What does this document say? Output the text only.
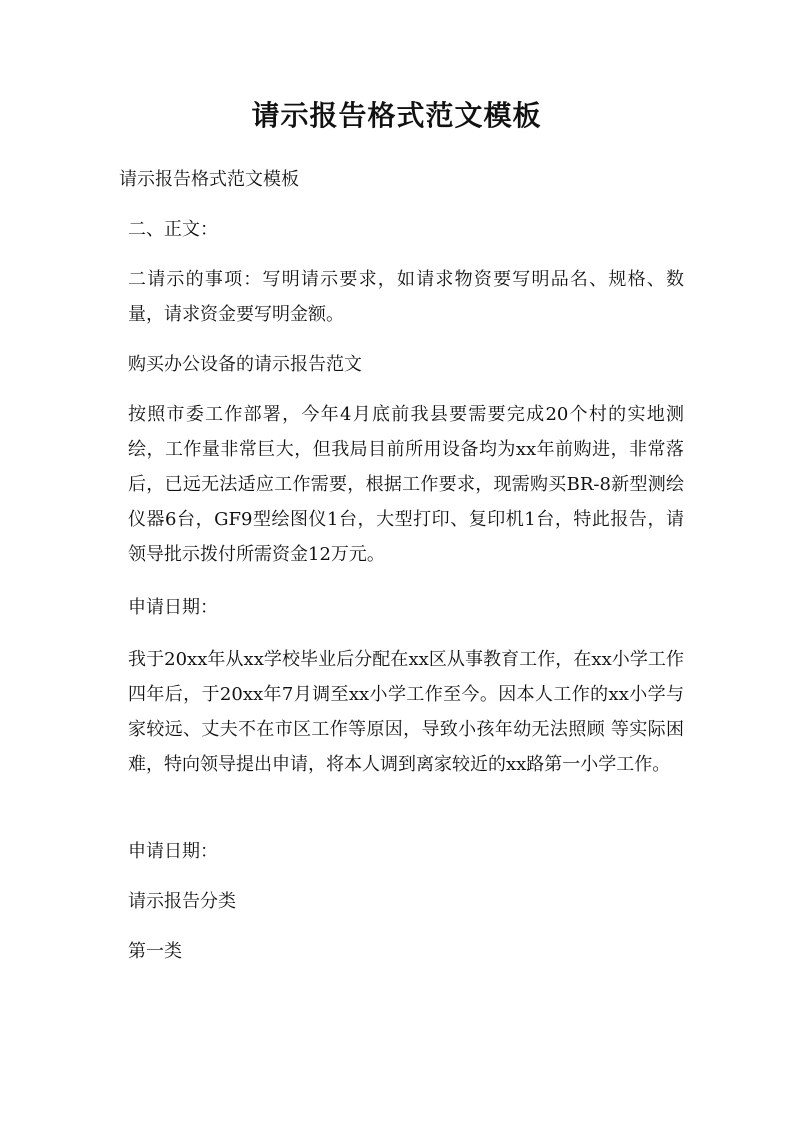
请示报告格式范文模板

请示报告格式范文模板

二、正文：

二请示的事项：写明请示要求，如请求物资要写明品名、规格、数量，请求资金要写明金额。

购买办公设备的请示报告范文

按照市委工作部署，今年4月底前我县要需要完成20个村的实地测绘，工作量非常巨大，但我局目前所用设备均为xx年前购进，非常落后，已远无法适应工作需要，根据工作要求，现需购买BR-8新型测绘仪器6台，GF9型绘图仪1台，大型打印、复印机1台，特此报告，请领导批示拨付所需资金12万元。

申请日期：

我于20xx年从xx学校毕业后分配在xx区从事教育工作，在xx小学工作四年后，于20xx年7月调至xx小学工作至今。因本人工作的xx小学与家较远、丈夫不在市区工作等原因，导致小孩年幼无法照顾 等实际困难，特向领导提出申请，将本人调到离家较近的xx路第一小学工作。

申请日期：

请示报告分类

第一类
